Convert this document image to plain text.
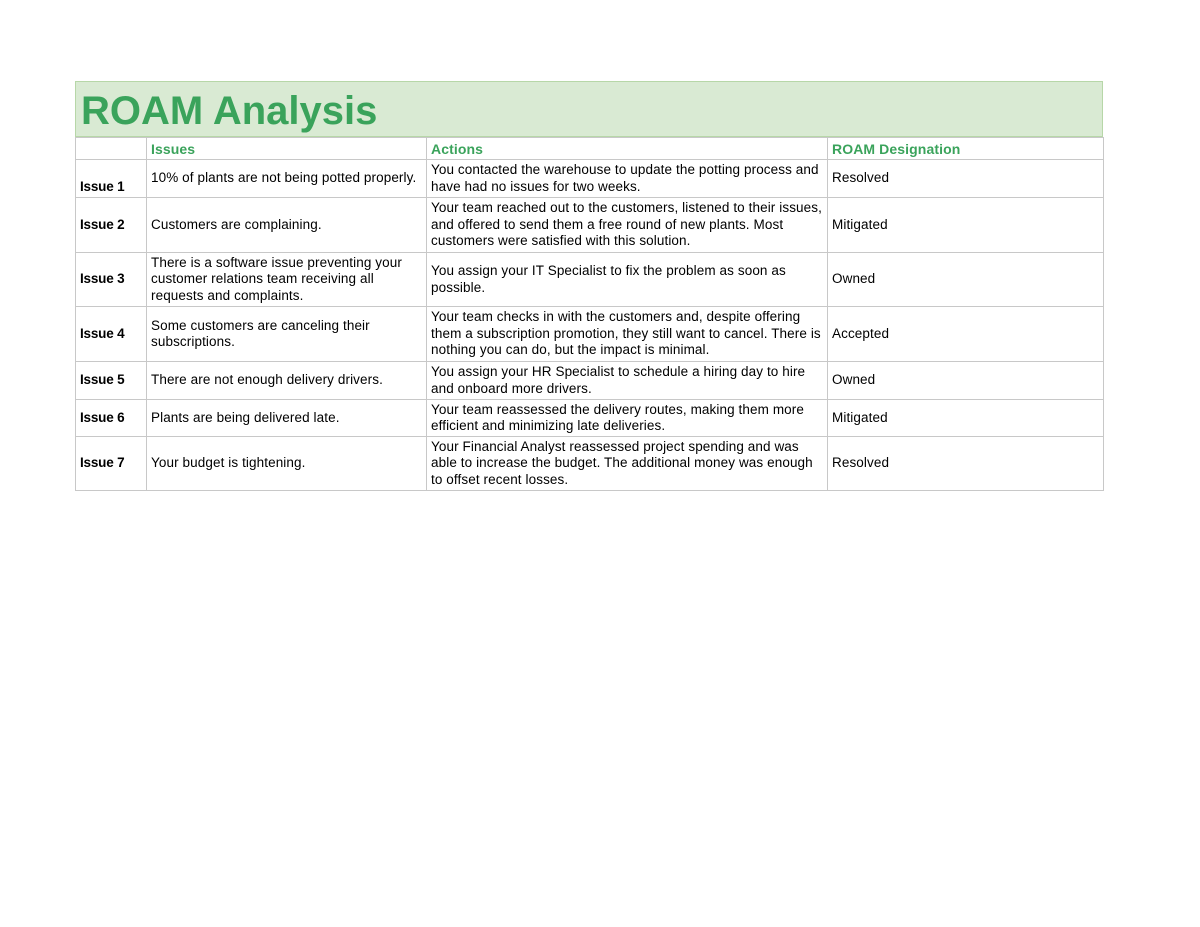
ROAM Analysis
	Issues	Actions	ROAM Designation
Issue 1	10% of plants are not being potted properly.	You contacted the warehouse to update the potting process and have had no issues for two weeks.	Resolved
Issue 2	Customers are complaining.	Your team reached out to the customers, listened to their issues, and offered to send them a free round of new plants. Most customers were satisfied with this solution.	Mitigated
Issue 3	There is a software issue preventing your customer relations team receiving all requests and complaints.	You assign your IT Specialist to fix the problem as soon as possible.	Owned
Issue 4	Some customers are canceling their subscriptions.	Your team checks in with the customers and, despite offering them a subscription promotion, they still want to cancel. There is nothing you can do, but the impact is minimal.	Accepted
Issue 5	There are not enough delivery drivers.	You assign your HR Specialist to schedule a hiring day to hire and onboard more drivers.	Owned
Issue 6	Plants are being delivered late.	Your team reassessed the delivery routes, making them more efficient and minimizing late deliveries.	Mitigated
Issue 7	Your budget is tightening.	Your Financial Analyst reassessed project spending and was able to increase the budget. The additional money was enough to offset recent losses.	Resolved
